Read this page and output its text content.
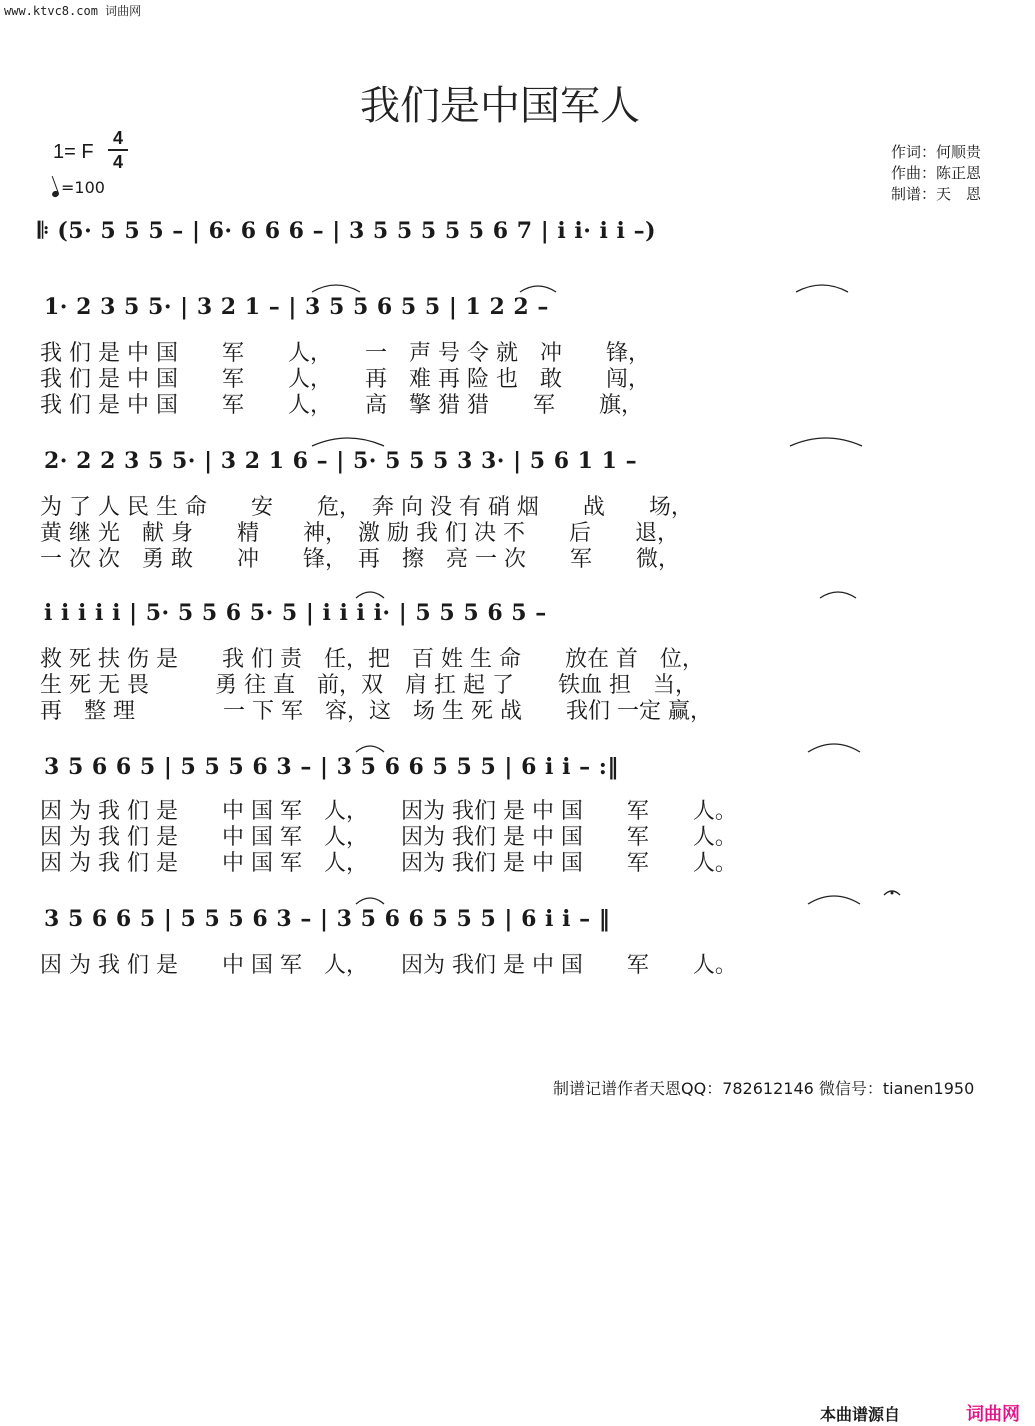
www.ktvc8.com 词曲网
我们是中国军人
1= F
4
4
=100
作词：何顺贵
作曲：陈正恩
制谱：天　恩
𝄆 (5· 5 5 5 – | 6· 6 6 6 – | 3 5 5 5 5 5 6 7 | i i· i i –)
1· 2 3 5 5· | 3 2 1 – | 3 5 5 6 5 5 | 1 2 2 –
我 们 是 中 国　　军　　人，　　一　声 号 令 就　冲　　锋，
我 们 是 中 国　　军　　人，　　再　难 再 险 也　敢　　闯，
我 们 是 中 国　　军　　人，　　高　擎 猎 猎　　军　　旗，
2· 2 2 3 5 5· | 3 2 1 6 – | 5· 5 5 5 3 3· | 5 6 1 1 –
为 了 人 民 生 命　　安　　危，　奔 向 没 有 硝 烟　　战　　场，
黄 继 光　献 身　　精　　神，　激 励 我 们 决 不　　后　　退，
一 次 次　勇 敢　　冲　　锋，　再　擦　亮 一 次　　军　　微，
i i i i i | 5· 5 5 6 5· 5 | i i i i· | 5 5 5 6 5 –
救 死 扶 伤 是　　我 们 责　任，把　百 姓 生 命　　放在 首　位，
生 死 无 畏　　　勇 往 直　前，双　肩 扛 起 了　　铁血 担　当，
再　整 理　　　　一 下 军　容，这　场 生 死 战　　我们 一定 赢，
3 5 6 6 5 | 5 5 5 6 3 – | 3 5 6 6 5 5 5 | 6 i i – :‖
因 为 我 们 是　　中 国 军　人，　　因为 我们 是 中 国　　军　　人。
因 为 我 们 是　　中 国 军　人，　　因为 我们 是 中 国　　军　　人。
因 为 我 们 是　　中 国 军　人，　　因为 我们 是 中 国　　军　　人。
3 5 6 6 5 | 5 5 5 6 3 – | 3 5 6 6 5 5 5 | 6 i i – ‖
因 为 我 们 是　　中 国 军　人，　　因为 我们 是 中 国　　军　　人。
制谱记谱作者天恩QQ：782612146 微信号：tianen1950
本曲谱源自	词曲网
